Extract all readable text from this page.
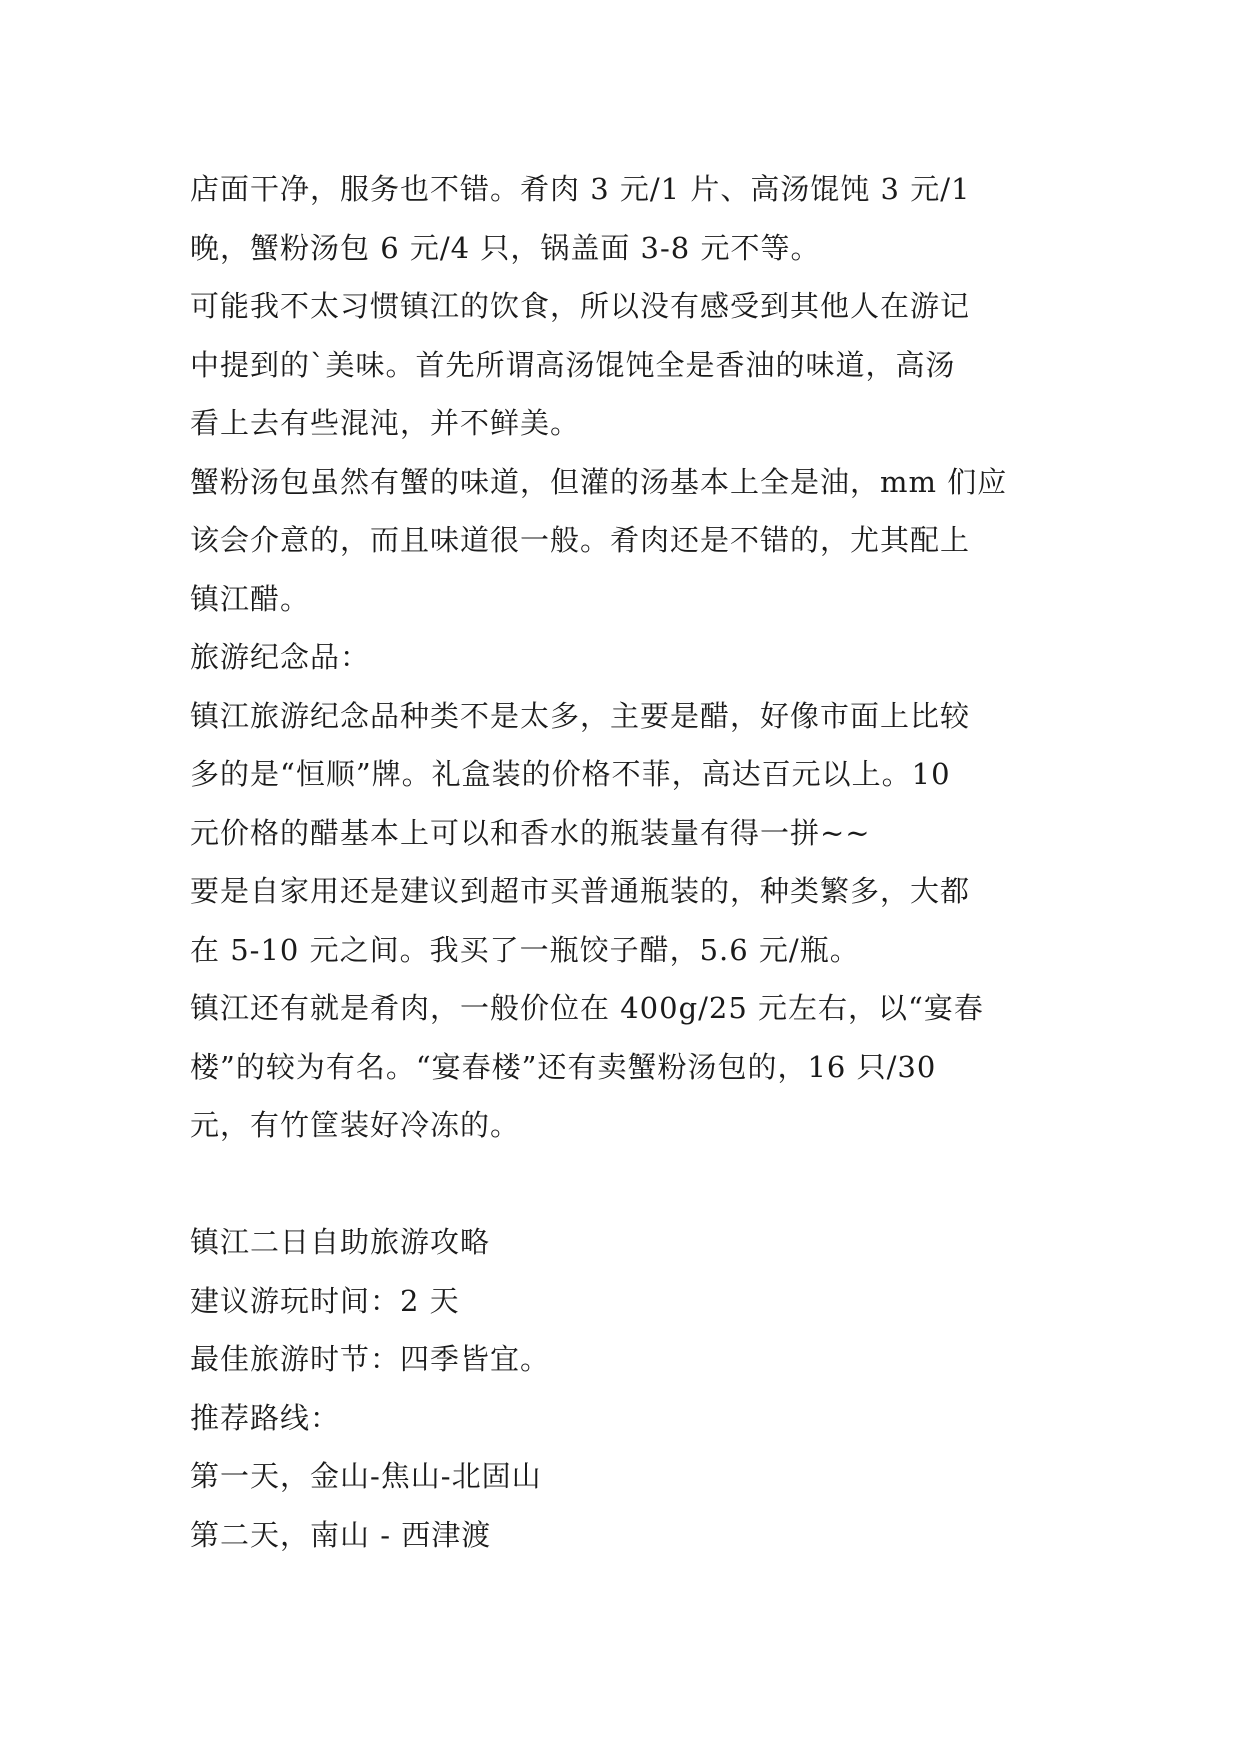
店面干净，服务也不错。肴肉 3 元/1 片、高汤馄饨 3 元/1
晚，蟹粉汤包 6 元/4 只，锅盖面 3-8 元不等。
可能我不太习惯镇江的饮食，所以没有感受到其他人在游记
中提到的`美味。首先所谓高汤馄饨全是香油的味道，高汤
看上去有些混沌，并不鲜美。
蟹粉汤包虽然有蟹的味道，但灌的汤基本上全是油，mm 们应
该会介意的，而且味道很一般。肴肉还是不错的，尤其配上
镇江醋。
旅游纪念品：
镇江旅游纪念品种类不是太多，主要是醋，好像市面上比较
多的是“恒顺”牌。礼盒装的价格不菲，高达百元以上。10
元价格的醋基本上可以和香水的瓶装量有得一拼~~
要是自家用还是建议到超市买普通瓶装的，种类繁多，大都
在 5-10 元之间。我买了一瓶饺子醋，5.6 元/瓶。
镇江还有就是肴肉，一般价位在 400g/25 元左右，以“宴春
楼”的较为有名。“宴春楼”还有卖蟹粉汤包的，16 只/30
元，有竹筐装好冷冻的。
镇江二日自助旅游攻略
建议游玩时间：2 天
最佳旅游时节：四季皆宜。
推荐路线：
第一天，金山-焦山-北固山
第二天，南山 - 西津渡
